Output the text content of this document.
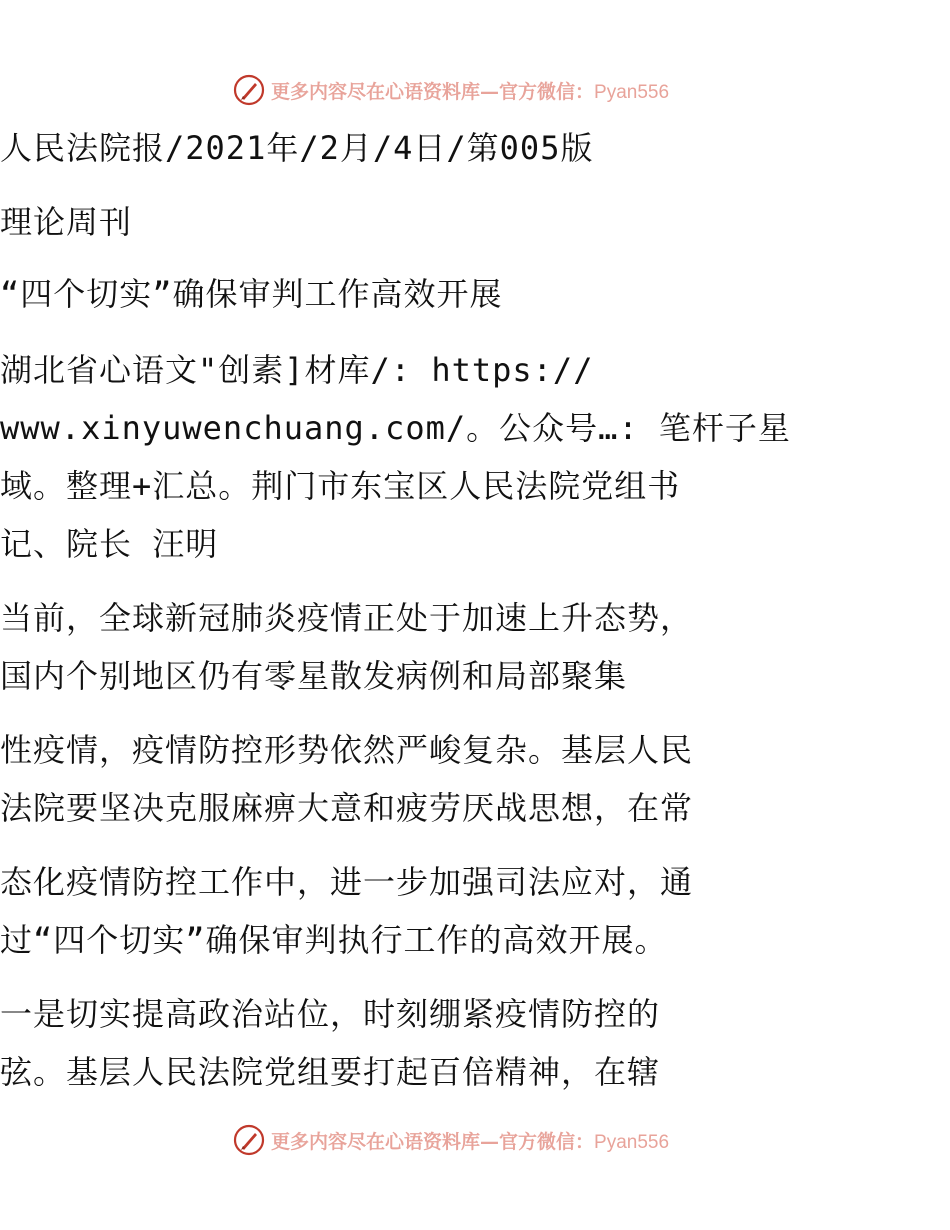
更多内容尽在心语资料库—官方微信：Pyan556
人民法院报/2021年/2月/4日/第005版
理论周刊
“四个切实”确保审判工作高效开展
湖北省心语文"创素]材库/: https://
www.xinyuwenchuang.com/。公众号…: 笔杆子星
域。整理+汇总。荆门市东宝区人民法院党组书
记、院长 汪明
当前，全球新冠肺炎疫情正处于加速上升态势，
国内个别地区仍有零星散发病例和局部聚集
性疫情，疫情防控形势依然严峻复杂。基层人民
法院要坚决克服麻痹大意和疲劳厌战思想，在常
态化疫情防控工作中，进一步加强司法应对，通
过“四个切实”确保审判执行工作的高效开展。
一是切实提高政治站位，时刻绷紧疫情防控的
弦。基层人民法院党组要打起百倍精神，在辖
更多内容尽在心语资料库—官方微信：Pyan556
